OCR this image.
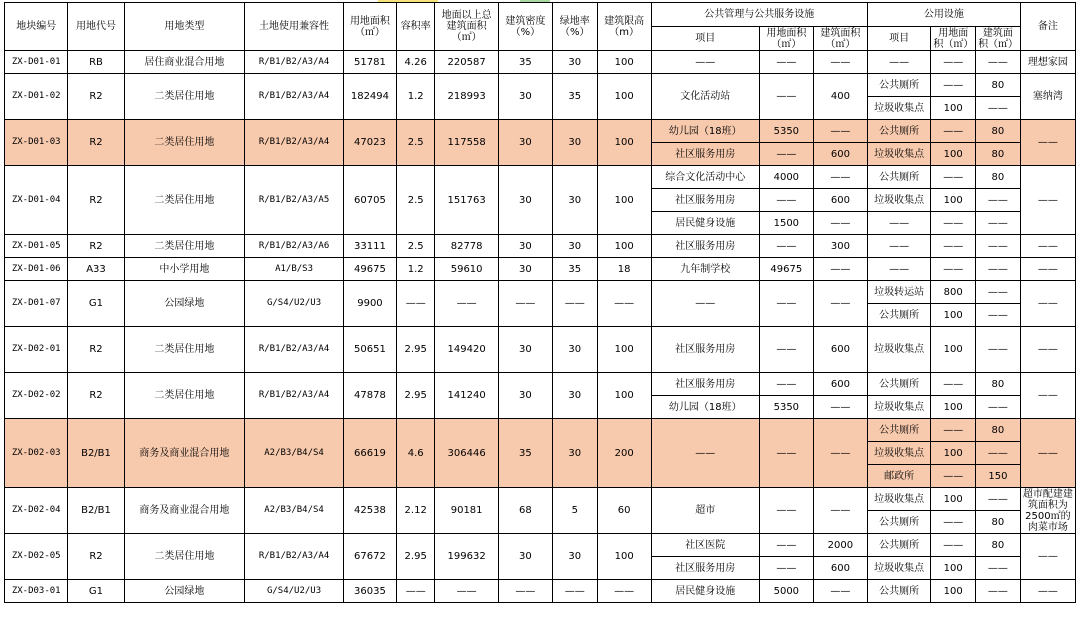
地块编号	用地代号	用地类型	土地使用兼容性	用地面积（㎡）	容积率	地面以上总建筑面积（㎡）	建筑密度（%）	绿地率（%）	建筑限高（m）	公共管理与公共服务设施			公用设施			备注
										项目	用地面积（㎡）	建筑面积（㎡）	项目	用地面积（㎡）	建筑面积（㎡）	
ZX-D01-01	RB	居住商业混合用地	R/B1/B2/A3/A4	51781	4.26	220587	35	30	100	——	——	——	——	——	——	理想家园
ZX-D01-02	R2	二类居住用地	R/B1/B2/A3/A4	182494	1.2	218993	30	35	100	文化活动站	——	400	公共厕所	——	80	塞纳湾
													垃圾收集点	100	——	
ZX-D01-03	R2	二类居住用地	R/B1/B2/A3/A4	47023	2.5	117558	30	30	100	幼儿园（18班）	5350	——	公共厕所	——	80	——
										社区服务用房	——	600	垃圾收集点	100	80	
ZX-D01-04	R2	二类居住用地	R/B1/B2/A3/A5	60705	2.5	151763	30	30	100	综合文化活动中心	4000	——	公共厕所	——	80	——
										社区服务用房	——	600	垃圾收集点	100	——	
										居民健身设施	1500	——	——	——	——	
ZX-D01-05	R2	二类居住用地	R/B1/B2/A3/A6	33111	2.5	82778	30	30	100	社区服务用房	——	300	——	——	——	——
ZX-D01-06	A33	中小学用地	A1/B/S3	49675	1.2	59610	30	35	18	九年制学校	49675	——	——	——	——	——
ZX-D01-07	G1	公园绿地	G/S4/U2/U3	9900	——	——	——	——	——	——	——	——	垃圾转运站	800	——	——
													公共厕所	100	——	
ZX-D02-01	R2	二类居住用地	R/B1/B2/A3/A4	50651	2.95	149420	30	30	100	社区服务用房	——	600	垃圾收集点	100	——	——

ZX-D02-02	R2	二类居住用地	R/B1/B2/A3/A4	47878	2.95	141240	30	30	100	社区服务用房	——	600	公共厕所	——	80	——
										幼儿园（18班）	5350	——	垃圾收集点	100	——	
ZX-D02-03	B2/B1	商务及商业混合用地	A2/B3/B4/S4	66619	4.6	306446	35	30	200	——	——	——	公共厕所	——	80	——
													垃圾收集点	100	——	
													邮政所	——	150	
ZX-D02-04	B2/B1	商务及商业混合用地	A2/B3/B4/S4	42538	2.12	90181	68	5	60	超市	——	——	垃圾收集点	100	——	超市配建建筑面积为2500㎡的肉菜市场
													公共厕所	——	80	
ZX-D02-05	R2	二类居住用地	R/B1/B2/A3/A4	67672	2.95	199632	30	30	100	社区医院	——	2000	公共厕所	——	80	——
										社区服务用房	——	600	垃圾收集点	100	——	
ZX-D03-01	G1	公园绿地	G/S4/U2/U3	36035	——	——	——	——	——	居民健身设施	5000	——	公共厕所	100	——	——
